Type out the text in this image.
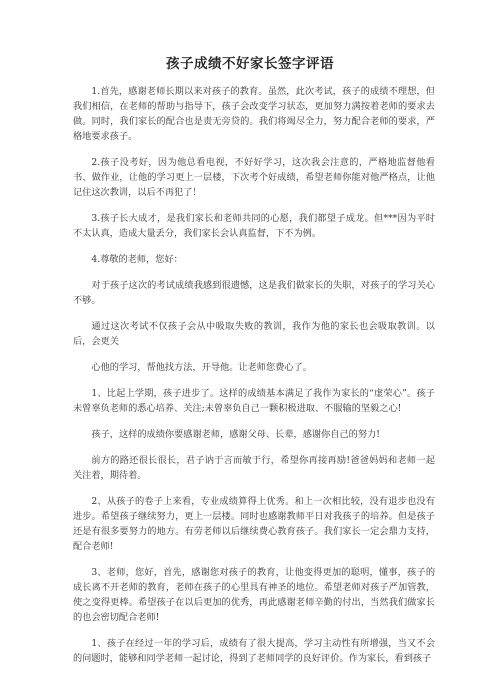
孩子成绩不好家长签字评语

1.首先，感谢老师长期以来对孩子的教育。虽然，此次考试，孩子的成绩不理想，但我们相信，在老师的帮助与指导下，孩子会改变学习状态，更加努力满按着老师的要求去做。同时，我们家长的配合也是责无旁贷的。我们将竭尽全力，努力配合老师的要求，严格地要求孩子。

2.孩子没考好，因为他总看电视，不好好学习，这次我会注意的，严格地监督他看书、做作业，让他的学习更上一层楼，下次考个好成绩，希望老师你能对他严格点，让他记住这次教训，以后不再犯了！

3.孩子长大成才，是我们家长和老师共同的心愿，我们都望子成龙。但***因为平时不太认真，造成大量丢分，我们家长会认真监督，下不为例。

4.尊敬的老师，您好：

对于孩子这次的考试成绩我感到很遗憾，这是我们做家长的失职，对孩子的学习关心不够。

通过这次考试不仅孩子会从中吸取失败的教训，我作为他的家长也会吸取教训。以后，会更关

心他的学习，帮他找方法，开导他。让老师您费心了。

1、比起上学期，孩子进步了。这样的成绩基本满足了我作为家长的“虚荣心”。孩子未曾辜负老师的悉心培养、关注;未曾辜负自己一颗积极进取、不服输的坚毅之心!

孩子，这样的成绩你要感谢老师，感谢父母、长辈，感谢你自己的努力!

前方的路还很长很长，君子讷于言而敏于行，希望你再接再励!爸爸妈妈和老师一起关注着，期待着。

2、从孩子的卷子上来看，专业成绩算得上优秀。和上一次相比较，没有退步也没有进步。希望孩子继续努力，更上一层楼。同时也感谢教师平日对我孩子的培养。但是孩子还是有很多要努力的地方。有劳老师以后继续费心教育孩子。我们家长一定会鼎力支持，配合老师!

3、老师，您好，首先，感谢您对孩子的教育，让他变得更加的聪明，懂事，孩子的成长离不开老师的教育，老师在孩子的心里具有神圣的地位。希望老师对孩子严加管教，使之变得更棒。希望孩子在以后更加的优秀，再此感谢老师辛勤的付出，当然我们做家长的也会密切配合老师!

1、孩子在经过一年的学习后，成绩有了很大提高，学习主动性有所增强，当又不会的问题时，能够和同学老师一起讨论，得到了老师同学的良好评价。作为家长，看到孩子
